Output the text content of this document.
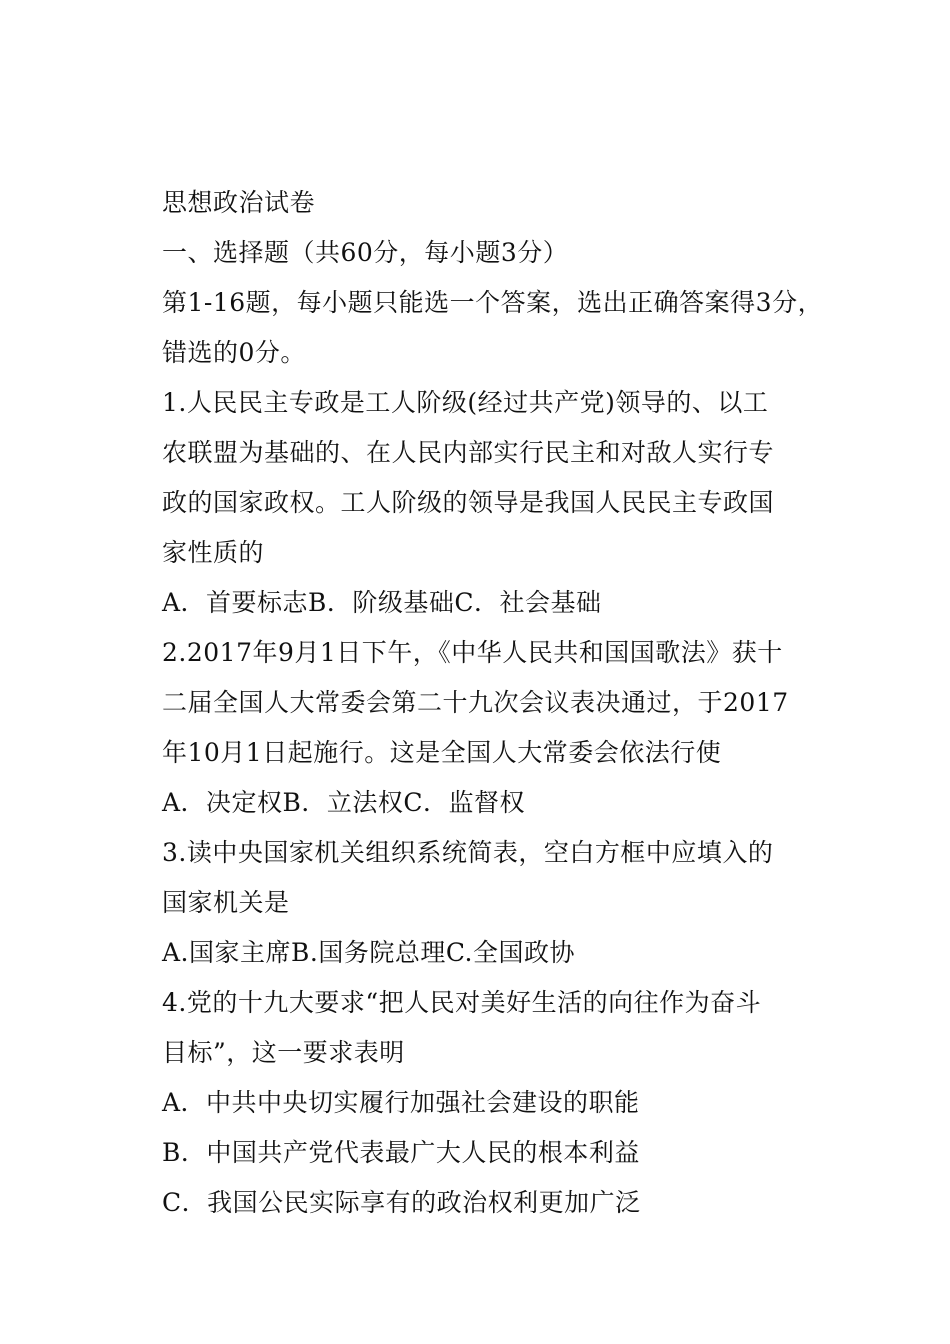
思想政治试卷
一、选择题（共60分，每小题3分）
第1-16题，每小题只能选一个答案，选出正确答案得3分，
错选的0分。
1.人民民主专政是工人阶级(经过共产党)领导的、以工
农联盟为基础的、在人民内部实行民主和对敌人实行专
政的国家政权。工人阶级的领导是我国人民民主专政国
家性质的
A．首要标志B．阶级基础C．社会基础
2.2017年9月1日下午，《中华人民共和国国歌法》获十
二届全国人大常委会第二十九次会议表决通过，于2017
年10月1日起施行。这是全国人大常委会依法行使
A．决定权B．立法权C．监督权
3.读中央国家机关组织系统简表，空白方框中应填入的
国家机关是
A.国家主席B.国务院总理C.全国政协
4.党的十九大要求“把人民对美好生活的向往作为奋斗
目标”，这一要求表明
A．中共中央切实履行加强社会建设的职能
B．中国共产党代表最广大人民的根本利益
C．我国公民实际享有的政治权利更加广泛
